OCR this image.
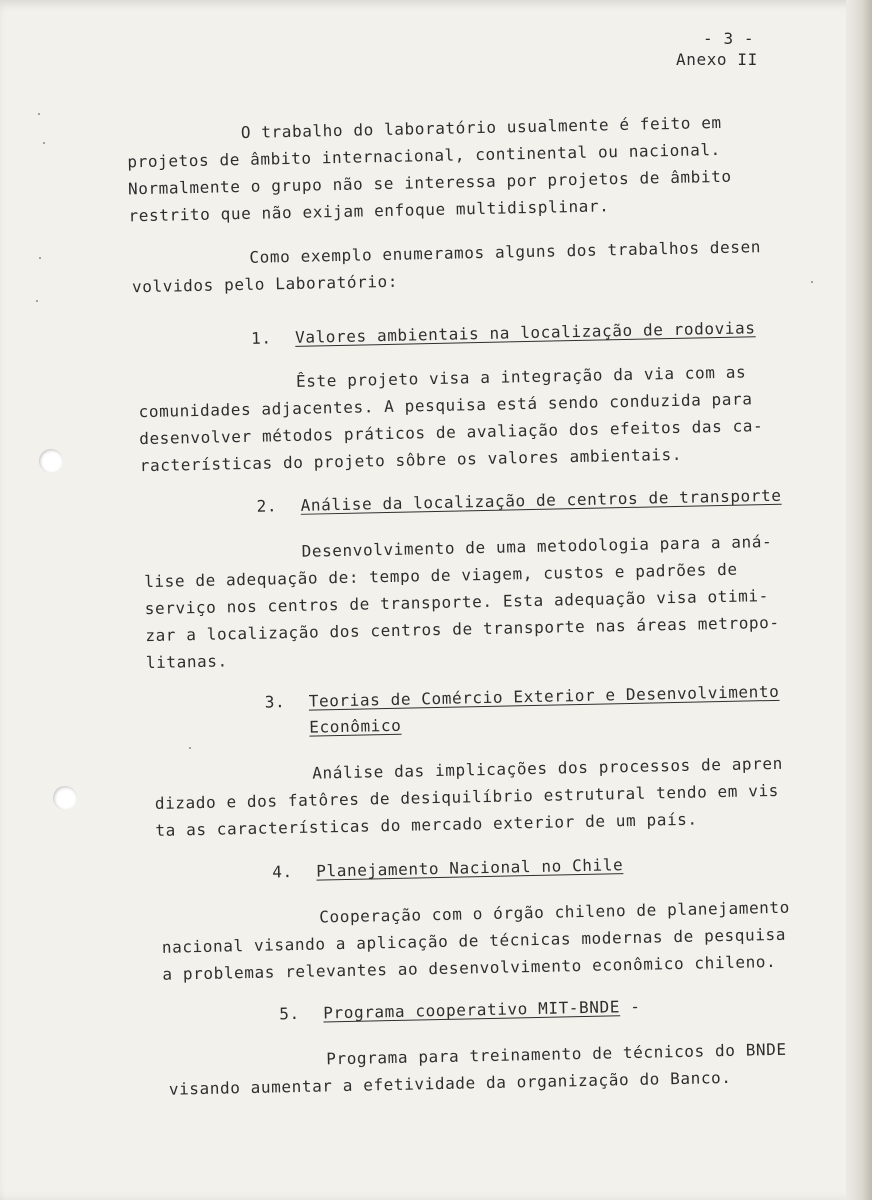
- 3 -
Anexo II
O trabalho do laboratório usualmente é feito em
projetos de âmbito internacional, continental ou nacional.
Normalmente o grupo não se interessa por projetos de âmbito
restrito que não exijam enfoque multidisplinar.
Como exemplo enumeramos alguns dos trabalhos desen
volvidos pelo Laboratório:
1. Valores ambientais na localização de rodovias
Êste projeto visa a integração da via com as
comunidades adjacentes. A pesquisa está sendo conduzida para
desenvolver métodos práticos de avaliação dos efeitos das ca-
racterísticas do projeto sôbre os valores ambientais.
2. Análise da localização de centros de transporte
Desenvolvimento de uma metodologia para a aná-
lise de adequação de: tempo de viagem, custos e padrões de
serviço nos centros de transporte. Esta adequação visa otimi-
zar a localização dos centros de transporte nas áreas metropo-
litanas.
3. Teorias de Comércio Exterior e Desenvolvimento
Econômico
Análise das implicações dos processos de apren
dizado e dos fatôres de desiquilíbrio estrutural tendo em vis
ta as características do mercado exterior de um país.
4. Planejamento Nacional no Chile
Cooperação com o órgão chileno de planejamento
nacional visando a aplicação de técnicas modernas de pesquisa
a problemas relevantes ao desenvolvimento econômico chileno.
5. Programa cooperativo MIT-BNDE -
Programa para treinamento de técnicos do BNDE
visando aumentar a efetividade da organização do Banco.
